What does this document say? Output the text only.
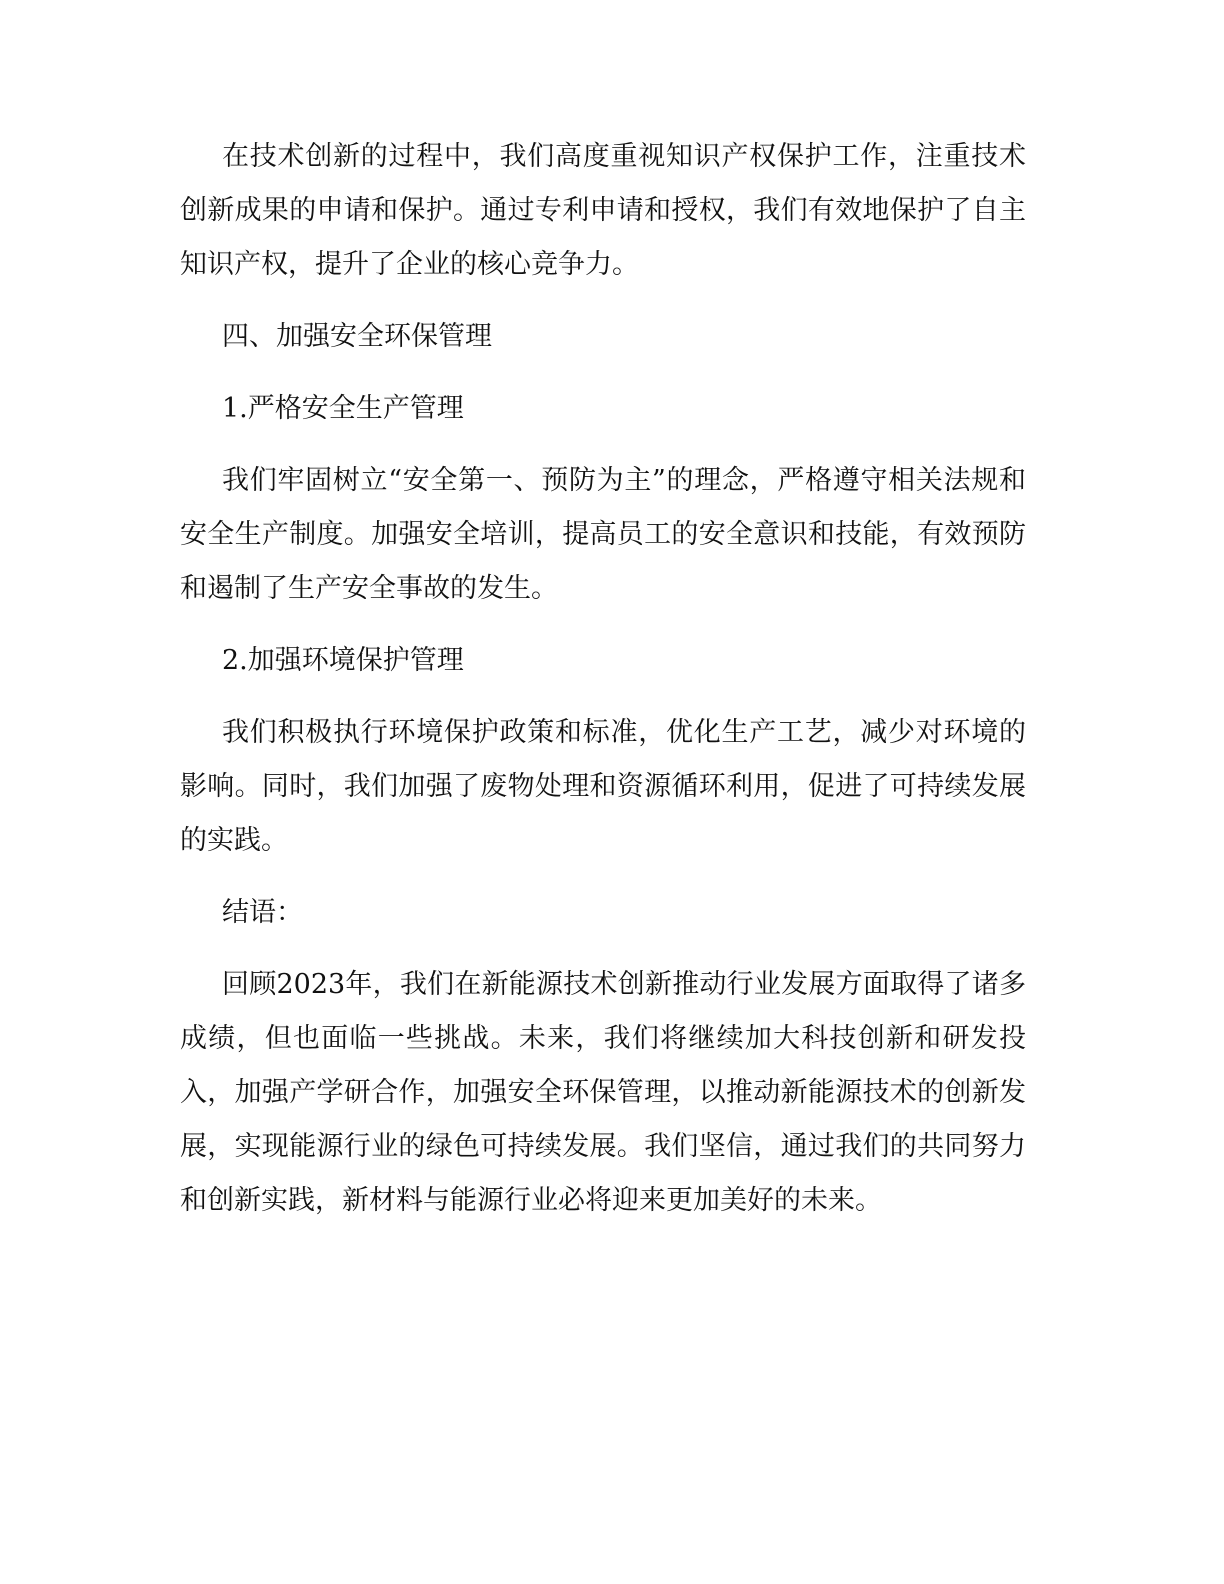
在技术创新的过程中，我们高度重视知识产权保护工作，注重技术创新成果的申请和保护。通过专利申请和授权，我们有效地保护了自主知识产权，提升了企业的核心竞争力。

四、加强安全环保管理

1.严格安全生产管理

我们牢固树立“安全第一、预防为主”的理念，严格遵守相关法规和安全生产制度。加强安全培训，提高员工的安全意识和技能，有效预防和遏制了生产安全事故的发生。

2.加强环境保护管理

我们积极执行环境保护政策和标准，优化生产工艺，减少对环境的影响。同时，我们加强了废物处理和资源循环利用，促进了可持续发展的实践。

结语：

回顾2023年，我们在新能源技术创新推动行业发展方面取得了诸多成绩，但也面临一些挑战。未来，我们将继续加大科技创新和研发投入，加强产学研合作，加强安全环保管理，以推动新能源技术的创新发展，实现能源行业的绿色可持续发展。我们坚信，通过我们的共同努力和创新实践，新材料与能源行业必将迎来更加美好的未来。
